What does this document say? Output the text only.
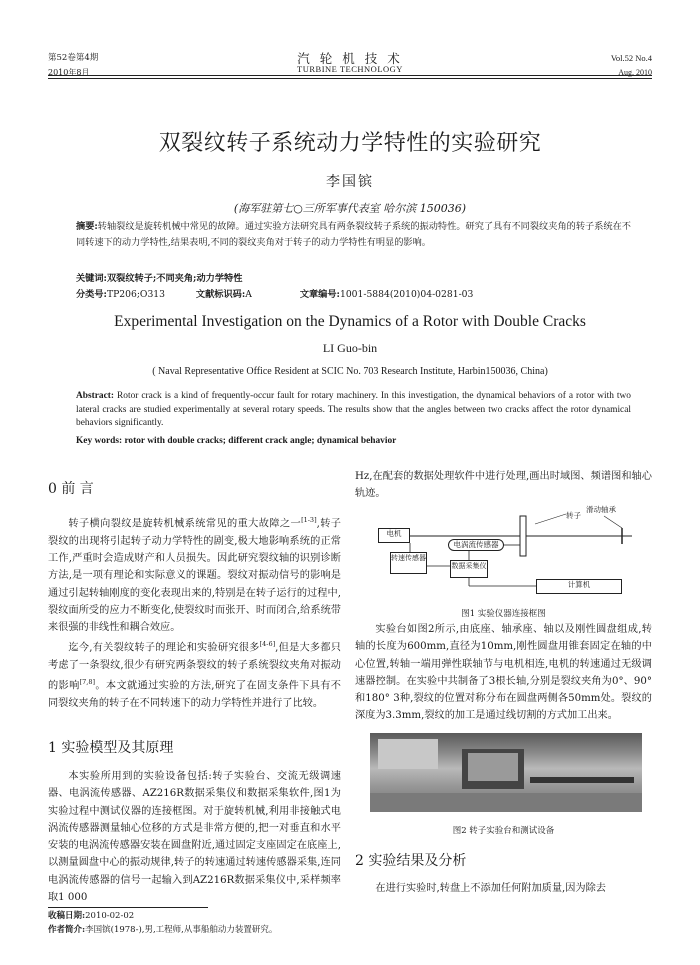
第52卷第4期
2010年8月
汽 轮 机 技 术
TURBINE TECHNOLOGY
Vol.52 No.4
Aug. 2010
双裂纹转子系统动力学特性的实验研究
李国镔
(海军驻第七○三所军事代表室 哈尔滨 150036)
摘要:转轴裂纹是旋转机械中常见的故障。通过实验方法研究具有两条裂纹转子系统的振动特性。研究了具有不同裂纹夹角的转子系统在不同转速下的动力学特性,结果表明,不同的裂纹夹角对于转子的动力学特性有明显的影响。
关键词:双裂纹转子;不同夹角;动力学特性
分类号:TP206;O313	文献标识码:A	文章编号:1001-5884(2010)04-0281-03
Experimental Investigation on the Dynamics of a Rotor with Double Cracks
LI Guo-bin
( Naval Representative Office Resident at SCIC No. 703 Research Institute, Harbin150036, China)
Abstract: Rotor crack is a kind of frequently-occur fault for rotary machinery. In this investigation, the dynamical behaviors of a rotor with two lateral cracks are studied experimentally at several rotary speeds. The results show that the angles between two cracks affect the rotor dynamical behaviors significantly.
Key words: rotor with double cracks; different crack angle; dynamical behavior
0 前 言

转子横向裂纹是旋转机械系统常见的重大故障之一[1-3],转子裂纹的出现将引起转子动力学特性的剧变,极大地影响系统的正常工作,严重时会造成财产和人员损失。因此研究裂纹轴的识别诊断方法,是一项有理论和实际意义的课题。裂纹对振动信号的影响是通过引起转轴刚度的变化表现出来的,特别是在转子运行的过程中,裂纹面所受的应力不断变化,使裂纹时而张开、时而闭合,给系统带来很强的非线性和耦合效应。

迄今,有关裂纹转子的理论和实验研究很多[4-6],但是大多都只考虑了一条裂纹,很少有研究两条裂纹的转子系统裂纹夹角对振动的影响[7,8]。本文就通过实验的方法,研究了在固支条件下具有不同裂纹夹角的转子在不同转速下的动力学特性并进行了比较。

1 实验模型及其原理

本实验所用到的实验设备包括:转子实验台、交流无级调速器、电涡流传感器、AZ216R数据采集仪和数据采集软件,图1为实验过程中测试仪器的连接框图。对于旋转机械,利用非接触式电涡流传感器测量轴心位移的方式是非常方便的,把一对垂直和水平安装的电涡流传感器安装在圆盘附近,通过固定支座固定在底座上,以测量圆盘中心的振动规律,转子的转速通过转速传感器采集,连同电涡流传感器的信号一起输入到AZ216R数据采集仪中,采样频率取1 000

收稿日期:2010-02-02
作者简介:李国镔(1978-),男,工程师,从事船舶动力装置研究。

Hz,在配套的数据处理软件中进行处理,画出时域图、频谱图和轴心轨迹。

电机
电涡流传感器
转速传感器
数据采集仪
计算机
滑动轴承
转子
图1 实验仪器连接框图

实验台如图2所示,由底座、轴承座、轴以及刚性圆盘组成,转轴的长度为600mm,直径为10mm,刚性圆盘用锥套固定在轴的中心位置,转轴一端用弹性联轴节与电机相连,电机的转速通过无级调速器控制。在实验中共制备了3根长轴,分别是裂纹夹角为0°、90°和180° 3种,裂纹的位置对称分布在圆盘两侧各50mm处。裂纹的深度为3.3mm,裂纹的加工是通过线切割的方式加工出来。

图2 转子实验台和测试设备
2 实验结果及分析

在进行实验时,转盘上不添加任何附加质量,因为除去
